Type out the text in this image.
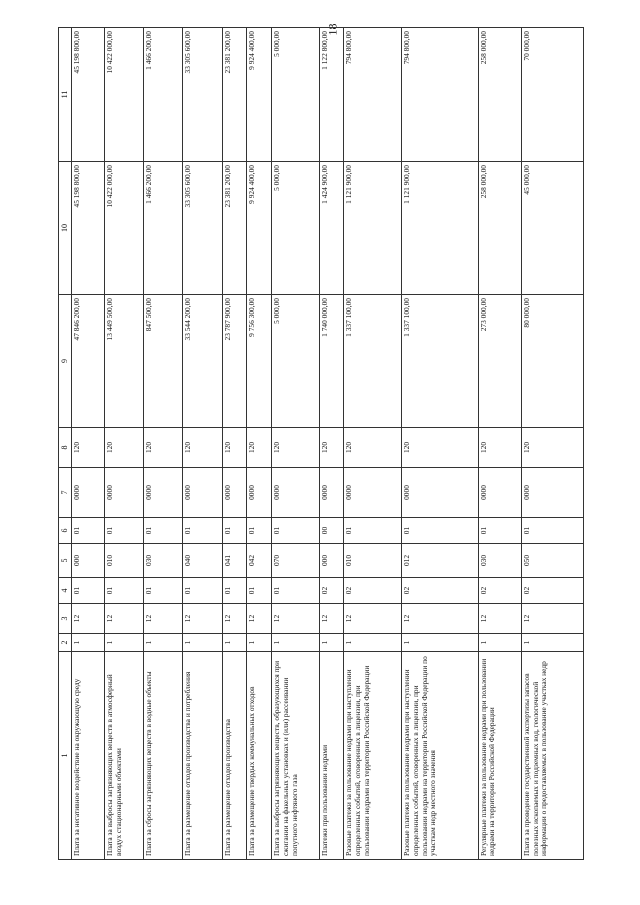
18
1	2	3	4	5	6	7	8	9	10	11
Плата за негативное воздействие на окружающую среду	1	12	01	000	01	0000	120	47 846 200,00	45 198 800,00	45 198 800,00
Плата за выбросы загрязняющих веществ в атмосферный воздух стационарными объектами	1	12	01	010	01	0000	120	13 449 500,00	10 422 000,00	10 422 000,00
Плата за сбросы загрязняющих веществ в водные объекты	1	12	01	030	01	0000	120	847 500,00	1 466 200,00	1 466 200,00
Плата за размещение отходов производства и потребления	1	12	01	040	01	0000	120	33 544 200,00	33 305 600,00	33 305 600,00
Плата за размещение отходов производства	1	12	01	041	01	0000	120	23 787 900,00	23 381 200,00	23 381 200,00
Плата за размещение твердых коммунальных отходов	1	12	01	042	01	0000	120	9 756 300,00	9 924 400,00	9 924 400,00
Плата за выбросы загрязняющих веществ, образующихся при сжигании на факельных установках и (или) рассеивании попутного нефтяного газа	1	12	01	070	01	0000	120	5 000,00	5 000,00	5 000,00
Платежи при пользовании недрами	1	12	02	000	00	0000	120	1 740 000,00	1 424 900,00	1 122 800,00
Разовые платежи за пользование недрами при наступлении определенных событий, оговоренных в лицензии, при пользовании недрами на территории Российской Федерации	1	12	02	010	01	0000	120	1 337 100,00	1 121 900,00	794 800,00
Разовые платежи за пользование недрами при наступлении определенных событий, оговоренных в лицензии, при пользовании недрами на территории Российской Федерации по участкам недр местного значения	1	12	02	012	01	0000	120	1 337 100,00	1 121 900,00	794 800,00
Регулярные платежи за пользование недрами при пользовании недрами на территории Российской Федерации	1	12	02	030	01	0000	120	273 000,00	258 000,00	258 000,00
Плата за проведение государственной экспертизы запасов полезных ископаемых и подземных вод, геологической информации о предоставляемых в пользование участках недр	1	12	02	050	01	0000	120	80 000,00	45 000,00	70 000,00
